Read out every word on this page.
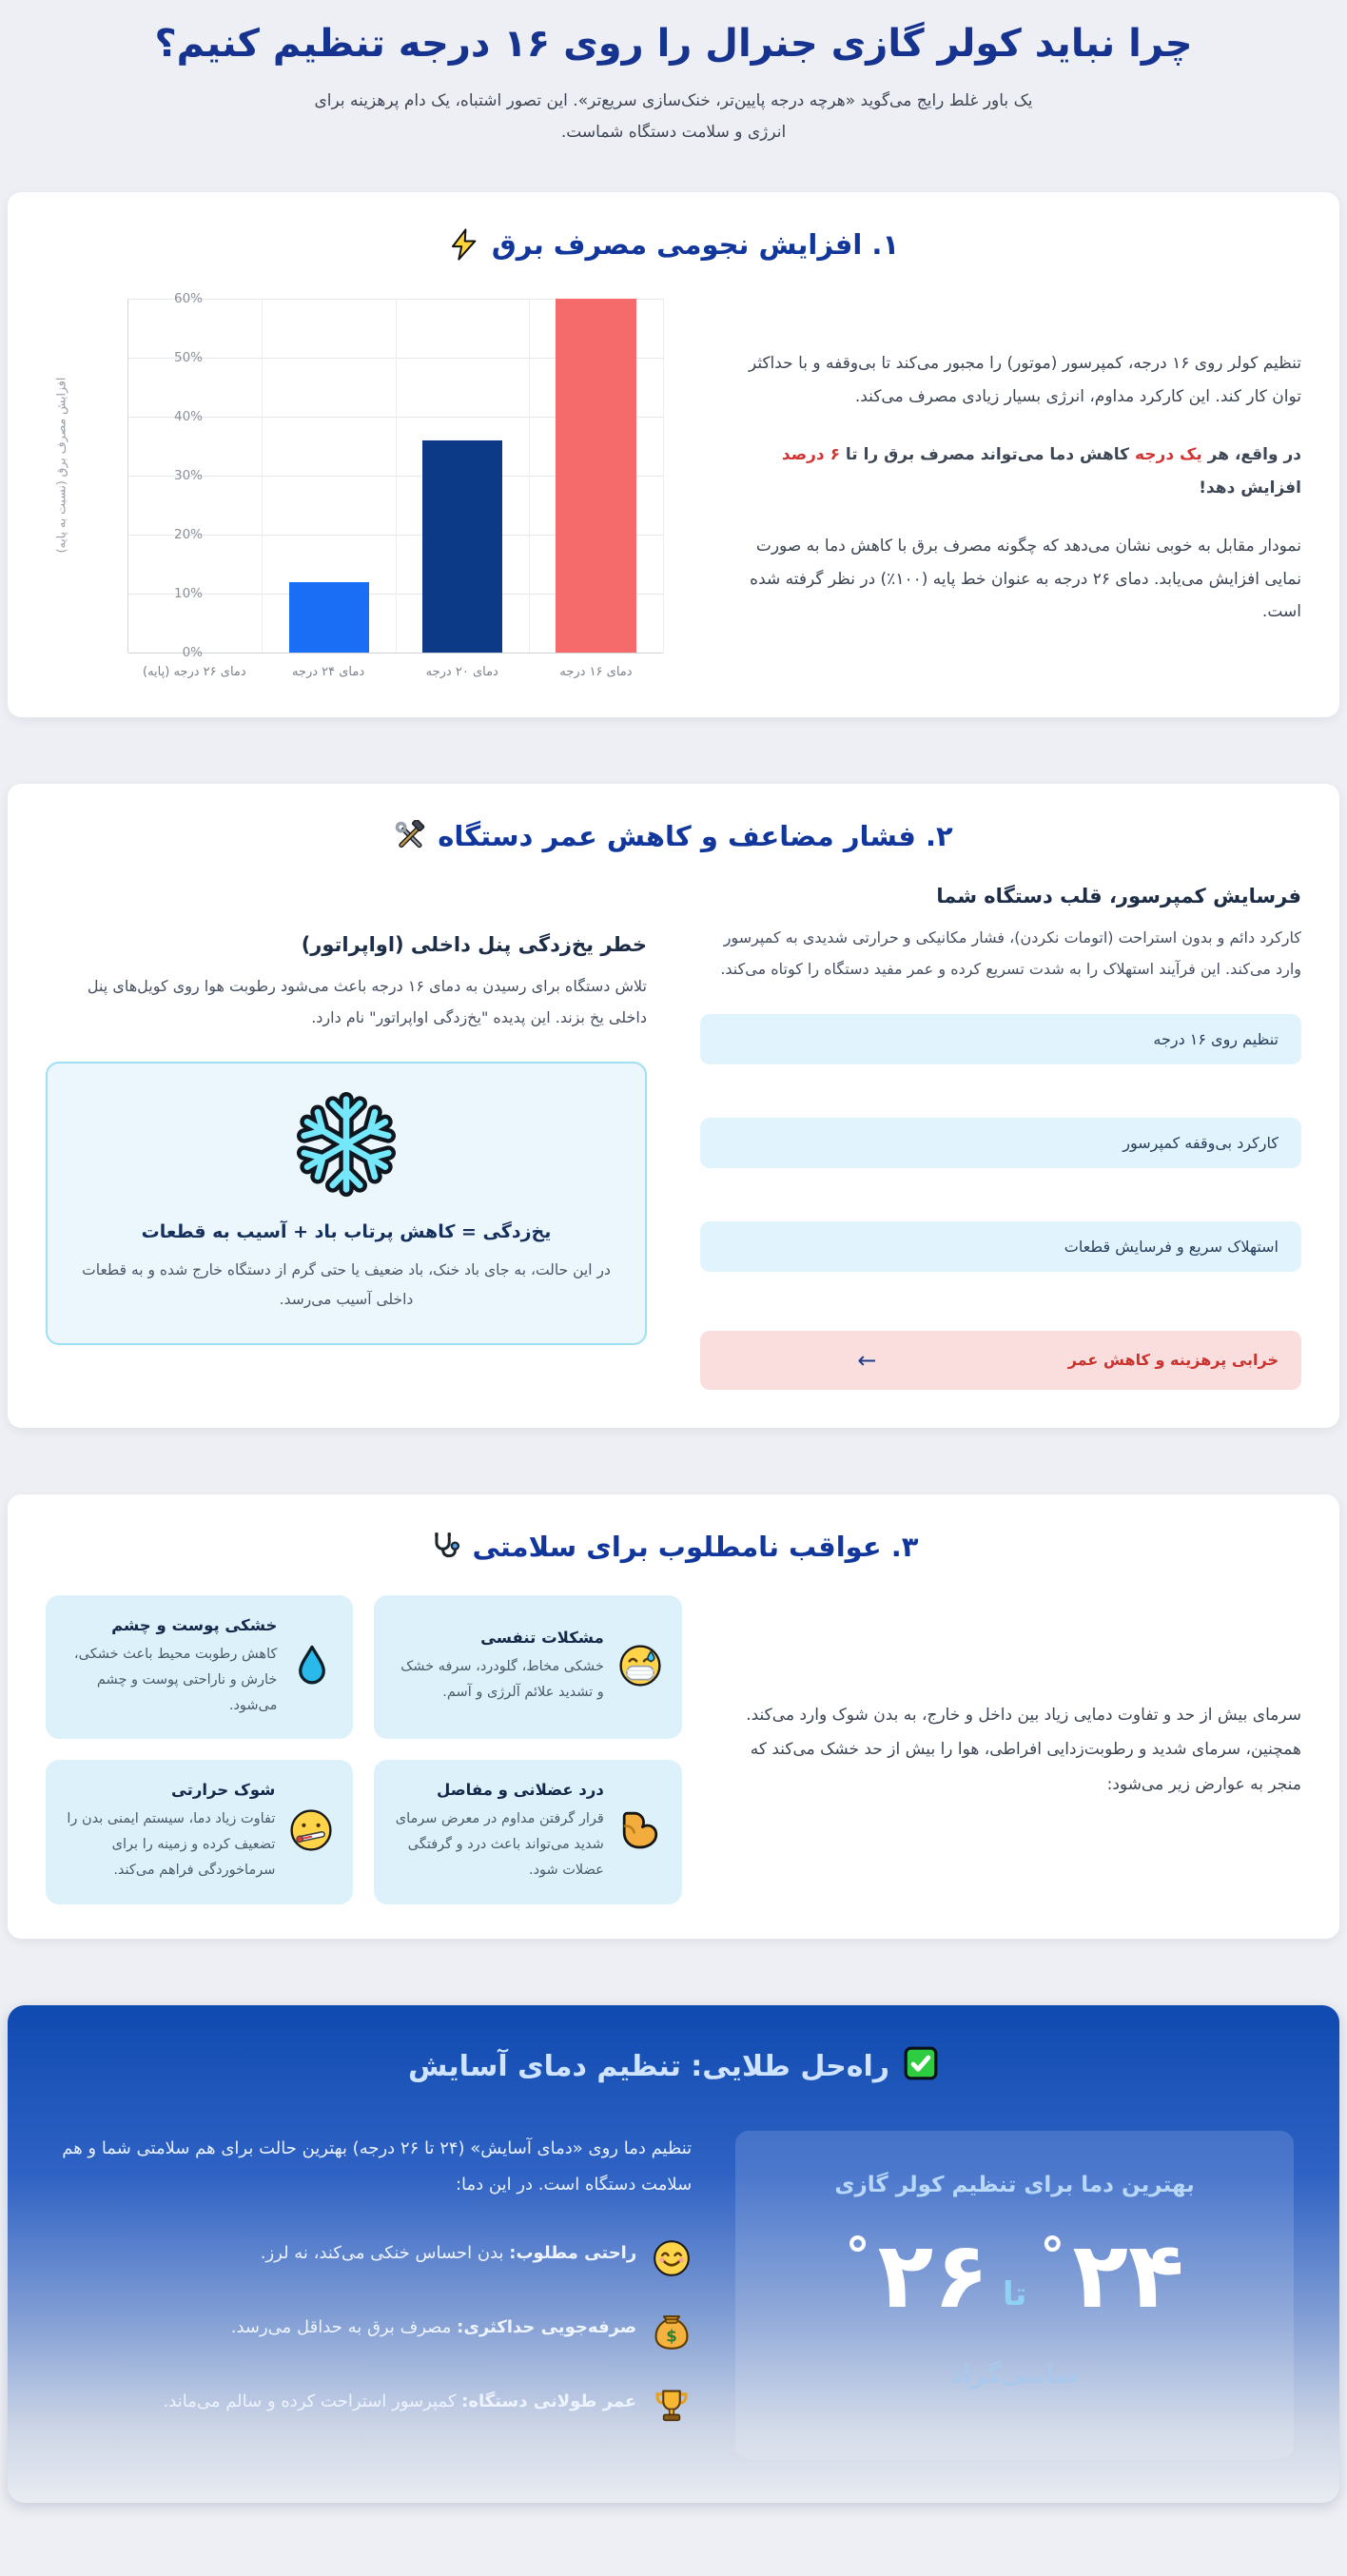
چرا نباید کولر گازی جنرال را روی ۱۶ درجه تنظیم کنیم؟

یک باور غلط رایج می‌گوید «هرچه درجه پایین‌تر، خنک‌سازی سریع‌تر». این تصور اشتباه، یک دام پرهزینه برای انرژی و سلامت دستگاه شماست.

۱. افزایش نجومی مصرف برق

تنظیم کولر روی ۱۶ درجه، کمپرسور (موتور) را مجبور می‌کند تا بی‌وقفه و با حداکثر توان کار کند. این کارکرد مداوم، انرژی بسیار زیادی مصرف می‌کند.

در واقع، هر یک درجه کاهش دما می‌تواند مصرف برق را تا ۶ درصد افزایش دهد!

نمودار مقابل به خوبی نشان می‌دهد که چگونه مصرف برق با کاهش دما به صورت نمایی افزایش می‌یابد. دمای ۲۶ درجه به عنوان خط پایه (۱۰۰٪) در نظر گرفته شده است.

افزایش مصرف برق (نسبت به پایه)
60%
50%
40%
30%
20%
10%
0%
دمای ۲۶ درجه (پایه)	دمای ۲۴ درجه	دمای ۲۰ درجه	دمای ۱۶ درجه
۲. فشار مضاعف و کاهش عمر دستگاه
فرسایش کمپرسور، قلب دستگاه شما

کارکرد دائم و بدون استراحت (اتومات نکردن)، فشار مکانیکی و حرارتی شدیدی به کمپرسور وارد می‌کند. این فرآیند استهلاک را به شدت تسریع کرده و عمر مفید دستگاه را کوتاه می‌کند.

تنظیم روی ۱۶ درجه
کارکرد بی‌وقفه کمپرسور
استهلاک سریع و فرسایش قطعات
خرابی پرهزینه و کاهش عمر
←
خطر یخ‌زدگی پنل داخلی (اواپراتور)

تلاش دستگاه برای رسیدن به دمای ۱۶ درجه باعث می‌شود رطوبت هوا روی کویل‌های پنل داخلی یخ بزند. این پدیده "یخ‌زدگی اواپراتور" نام دارد.

یخ‌زدگی = کاهش پرتاب باد + آسیب به قطعات
در این حالت، به جای باد خنک، باد ضعیف یا حتی گرم از دستگاه خارج شده و به قطعات داخلی آسیب می‌رسد.
۳. عواقب نامطلوب برای سلامتی

سرمای بیش از حد و تفاوت دمایی زیاد بین داخل و خارج، به بدن شوک وارد می‌کند. همچنین، سرمای شدید و رطوبت‌زدایی افراطی، هوا را بیش از حد خشک می‌کند که منجر به عوارض زیر می‌شود:

مشکلات تنفسی
خشکی مخاط، گلودرد، سرفه خشک و تشدید علائم آلرژی و آسم.
خشکی پوست و چشم
کاهش رطوبت محیط باعث خشکی، خارش و ناراحتی پوست و چشم می‌شود.
درد عضلانی و مفاصل
قرار گرفتن مداوم در معرض سرمای شدید می‌تواند باعث درد و گرفتگی عضلات شود.
شوک حرارتی
تفاوت زیاد دما، سیستم ایمنی بدن را تضعیف کرده و زمینه را برای سرماخوردگی فراهم می‌کند.
راه‌حل طلایی: تنظیم دمای آسایش
بهترین دما برای تنظیم کولر گازی
۲۴
°
تا
۲۶
°
سانتی‌گراد

تنظیم دما روی «دمای آسایش» (۲۴ تا ۲۶ درجه) بهترین حالت برای هم سلامتی شما و هم سلامت دستگاه است. در این دما:

راحتی مطلوب: بدن احساس خنکی می‌کند، نه لرز.

$

صرفه‌جویی حداکثری: مصرف برق به حداقل می‌رسد.

عمر طولانی دستگاه: کمپرسور استراحت کرده و سالم می‌ماند.
